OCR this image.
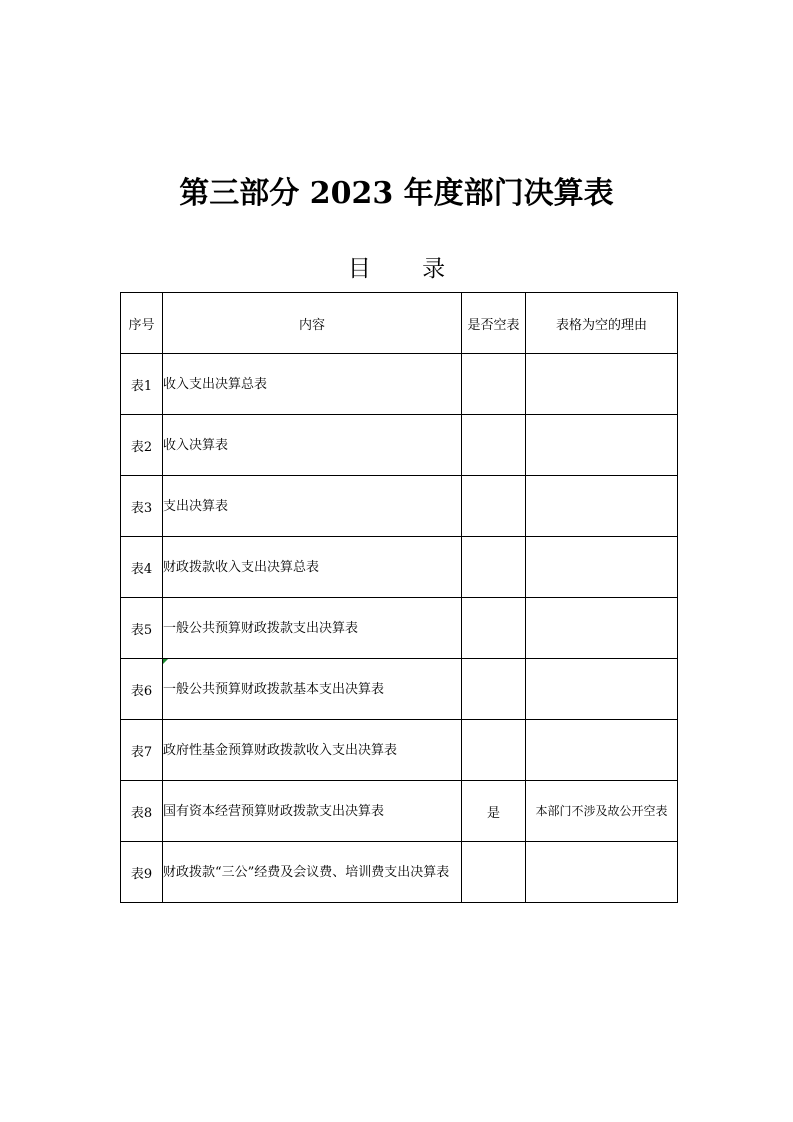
第三部分 2023 年度部门决算表
目 录
序号	内容	是否空表	表格为空的理由
表1	收入支出决算总表		
表2	收入决算表		
表3	支出决算表		
表4	财政拨款收入支出决算总表		
表5	一般公共预算财政拨款支出决算表		
表6	一般公共预算财政拨款基本支出决算表		
表7	政府性基金预算财政拨款收入支出决算表		
表8	国有资本经营预算财政拨款支出决算表	是	本部门不涉及故公开空表
表9	财政拨款“三公”经费及会议费、培训费支出决算表		
